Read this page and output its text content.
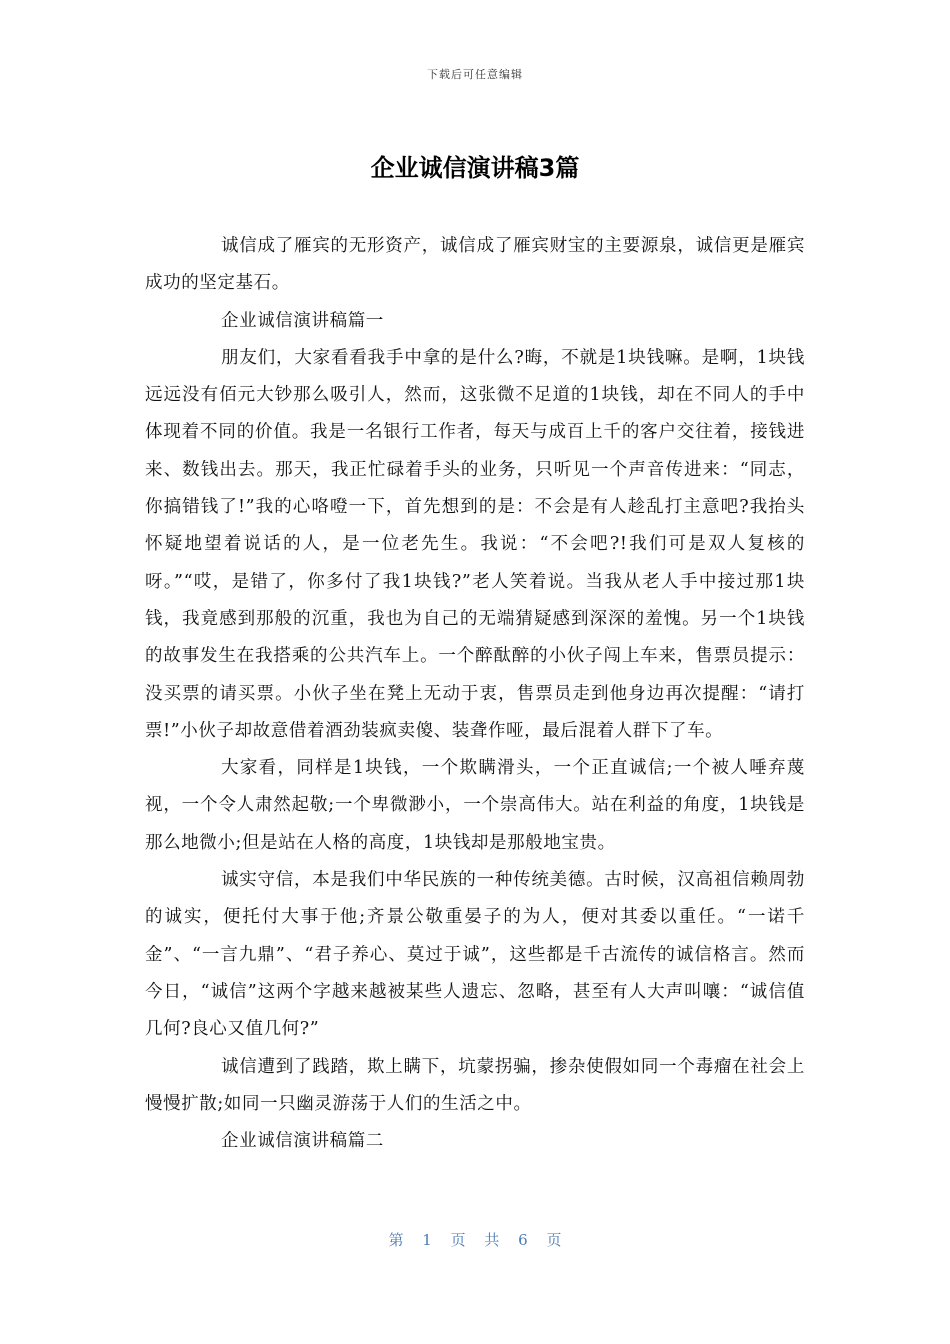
下载后可任意编辑
企业诚信演讲稿3篇

诚信成了雁宾的无形资产，诚信成了雁宾财宝的主要源泉，诚信更是雁宾成功的坚定基石。

企业诚信演讲稿篇一

朋友们，大家看看我手中拿的是什么?晦，不就是1块钱嘛。是啊，1块钱远远没有佰元大钞那么吸引人，然而，这张微不足道的1块钱，却在不同人的手中体现着不同的价值。我是一名银行工作者，每天与成百上千的客户交往着，接钱进来、数钱出去。那天，我正忙碌着手头的业务，只听见一个声音传进来：“同志，你搞错钱了!”我的心咯噔一下，首先想到的是：不会是有人趁乱打主意吧?我抬头怀疑地望着说话的人，是一位老先生。我说：“不会吧?!我们可是双人复核的呀。”“哎，是错了，你多付了我1块钱?”老人笑着说。当我从老人手中接过那1块钱，我竟感到那般的沉重，我也为自己的无端猜疑感到深深的羞愧。另一个1块钱的故事发生在我搭乘的公共汽车上。一个醉酞醉的小伙子闯上车来，售票员提示：没买票的请买票。小伙子坐在凳上无动于衷，售票员走到他身边再次提醒：“请打票!”小伙子却故意借着酒劲装疯卖傻、装聋作哑，最后混着人群下了车。

大家看，同样是1块钱，一个欺瞒滑头，一个正直诚信;一个被人唾弃蔑视，一个令人肃然起敬;一个卑微渺小，一个崇高伟大。站在利益的角度，1块钱是那么地微小;但是站在人格的高度，1块钱却是那般地宝贵。

诚实守信，本是我们中华民族的一种传统美德。古时候，汉高祖信赖周勃的诚实，便托付大事于他;齐景公敬重晏子的为人，便对其委以重任。“一诺千金”、“一言九鼎”、“君子养心、莫过于诚”，这些都是千古流传的诚信格言。然而今日，“诚信”这两个字越来越被某些人遗忘、忽略，甚至有人大声叫嚷：“诚信值几何?良心又值几何?”

诚信遭到了践踏，欺上瞒下，坑蒙拐骗，掺杂使假如同一个毒瘤在社会上慢慢扩散;如同一只幽灵游荡于人们的生活之中。

企业诚信演讲稿篇二

第 1 页 共 6 页
